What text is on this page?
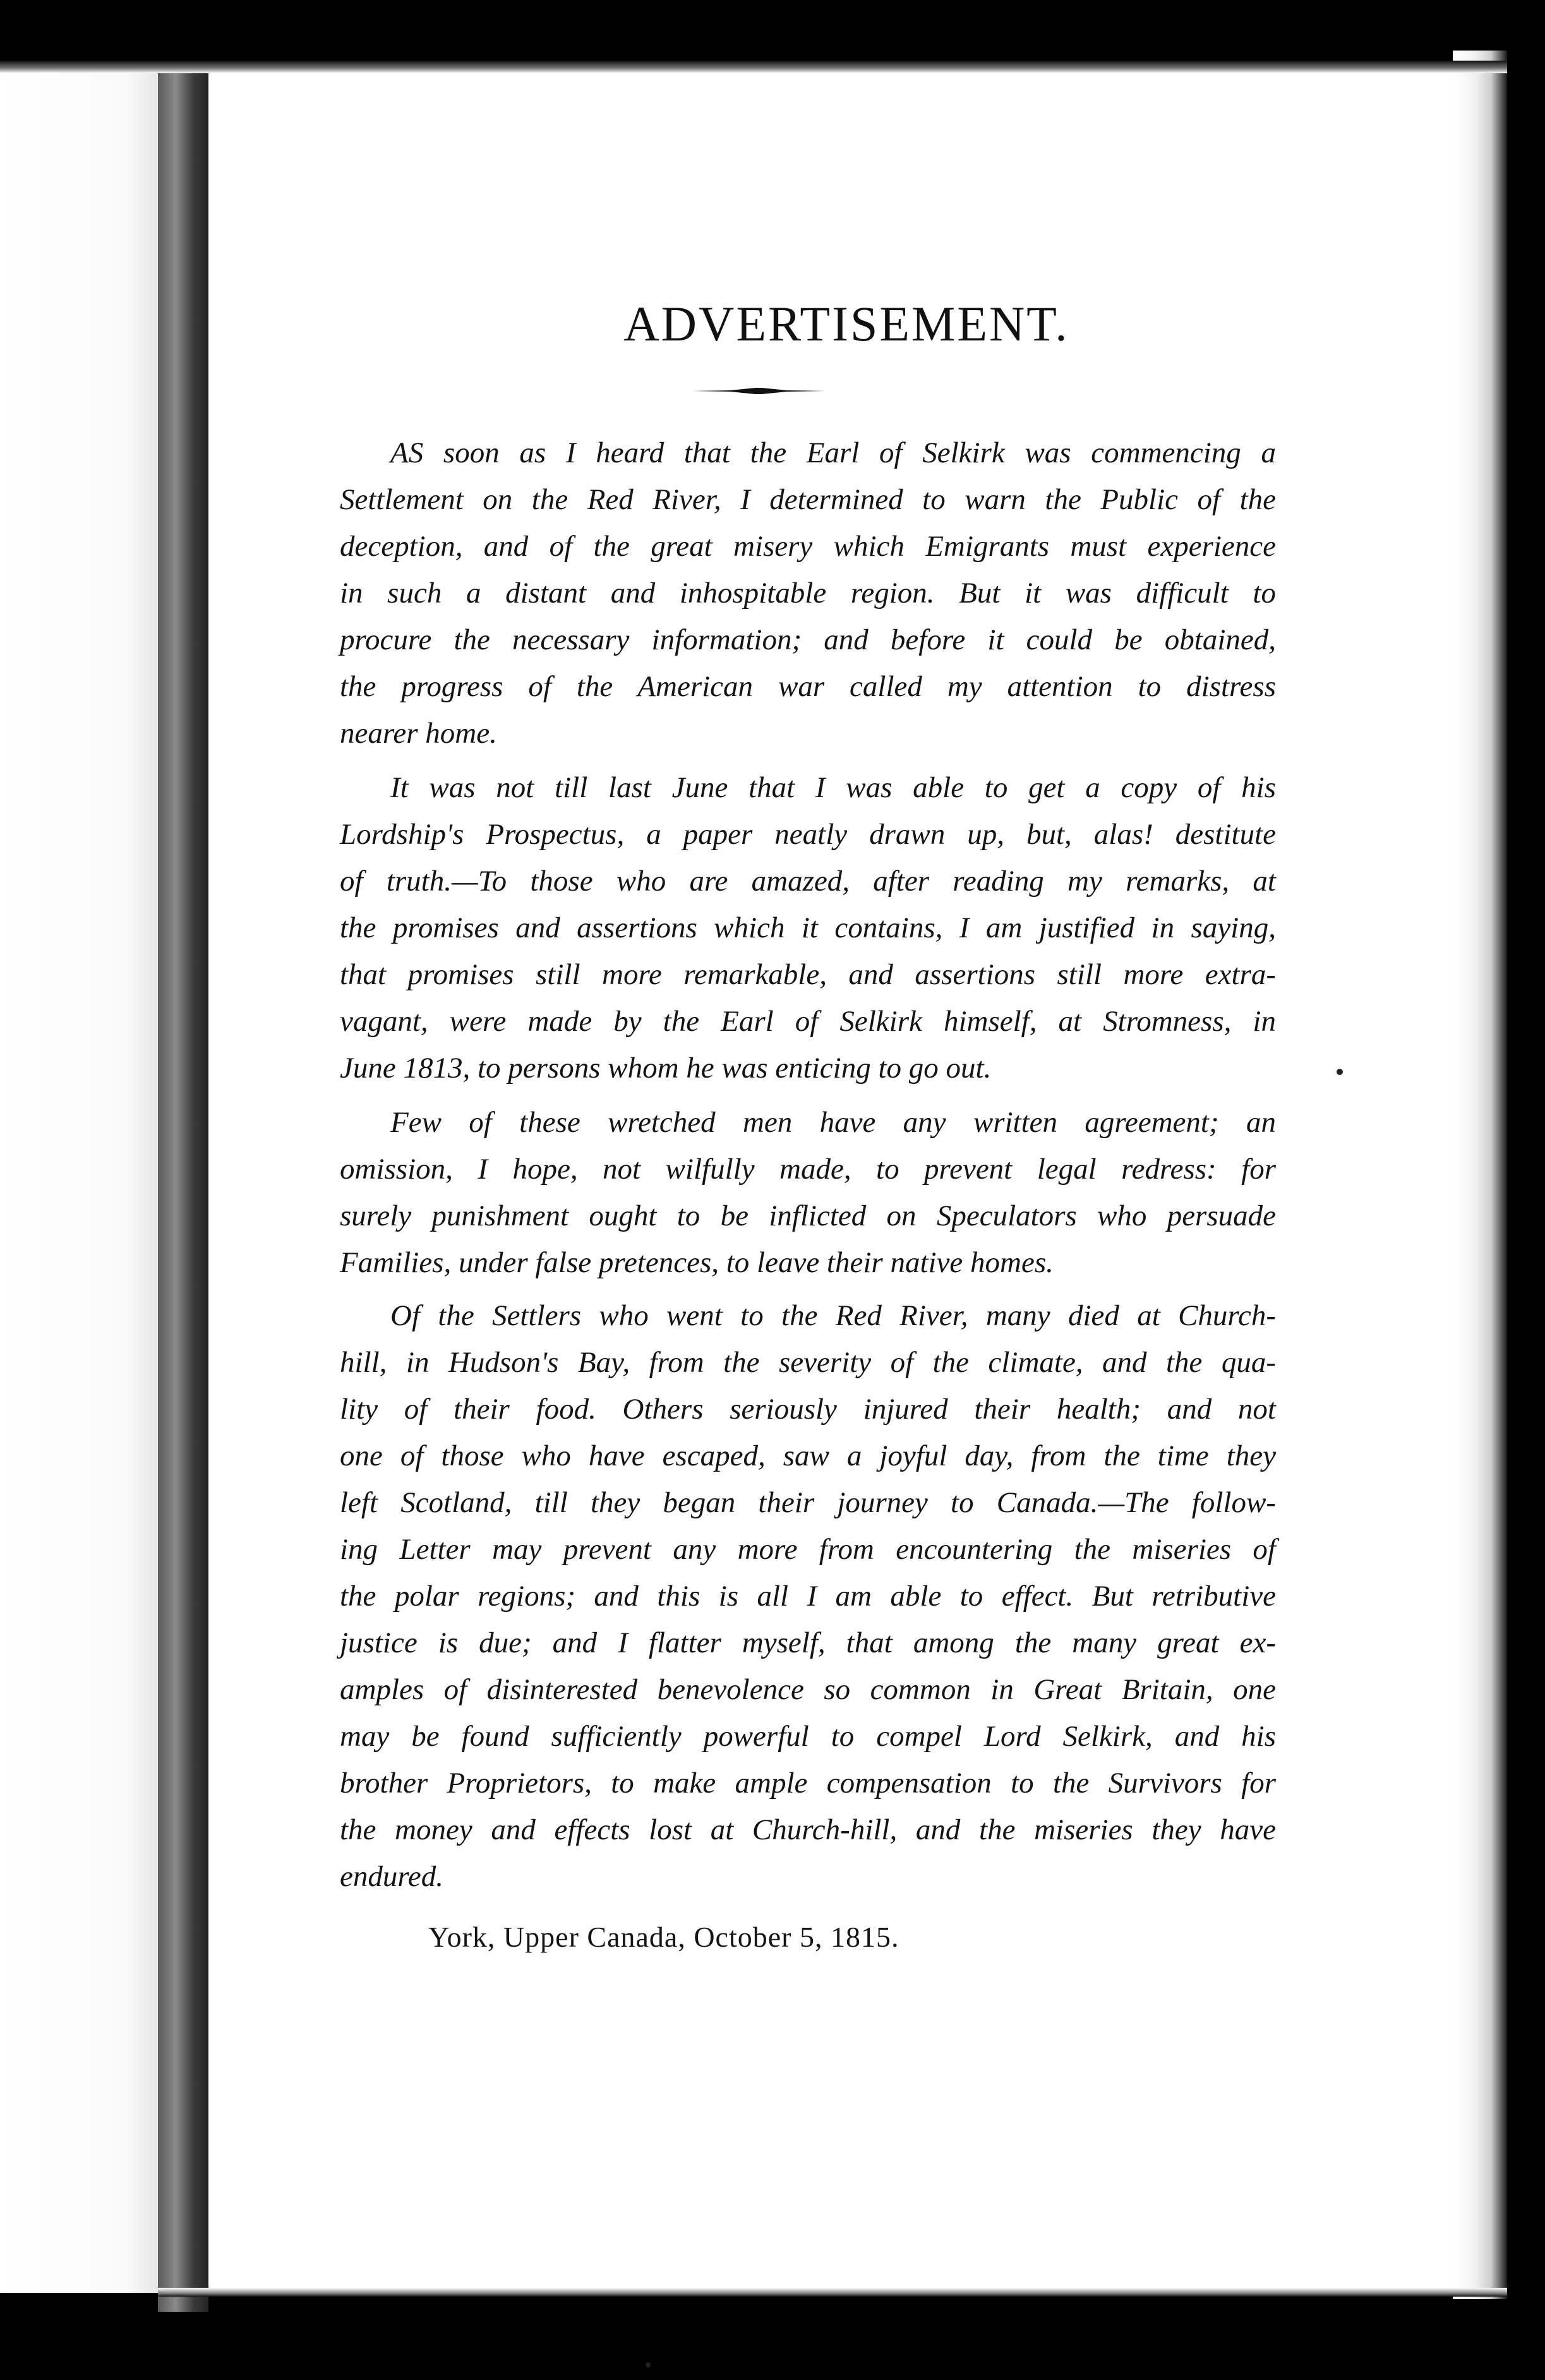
ADVERTISEMENT.
AS soon as I heard that the Earl of Selkirk was commencing a
Settlement on the Red River, I determined to warn the Public of the
deception, and of the great misery which Emigrants must experience
in such a distant and inhospitable region. But it was difficult to
procure the necessary information; and before it could be obtained,
the progress of the American war called my attention to distress
nearer home.
It was not till last June that I was able to get a copy of his
Lordship's Prospectus, a paper neatly drawn up, but, alas! destitute
of truth.—To those who are amazed, after reading my remarks, at
the promises and assertions which it contains, I am justified in saying,
that promises still more remarkable, and assertions still more extra-
vagant, were made by the Earl of Selkirk himself, at Stromness, in
June 1813, to persons whom he was enticing to go out.
Few of these wretched men have any written agreement; an
omission, I hope, not wilfully made, to prevent legal redress: for
surely punishment ought to be inflicted on Speculators who persuade
Families, under false pretences, to leave their native homes.
Of the Settlers who went to the Red River, many died at Church-
hill, in Hudson's Bay, from the severity of the climate, and the qua-
lity of their food. Others seriously injured their health; and not
one of those who have escaped, saw a joyful day, from the time they
left Scotland, till they began their journey to Canada.—The follow-
ing Letter may prevent any more from encountering the miseries of
the polar regions; and this is all I am able to effect. But retributive
justice is due; and I flatter myself, that among the many great ex-
amples of disinterested benevolence so common in Great Britain, one
may be found sufficiently powerful to compel Lord Selkirk, and his
brother Proprietors, to make ample compensation to the Survivors for
the money and effects lost at Church-hill, and the miseries they have
endured.
York, Upper Canada, October 5, 1815.
